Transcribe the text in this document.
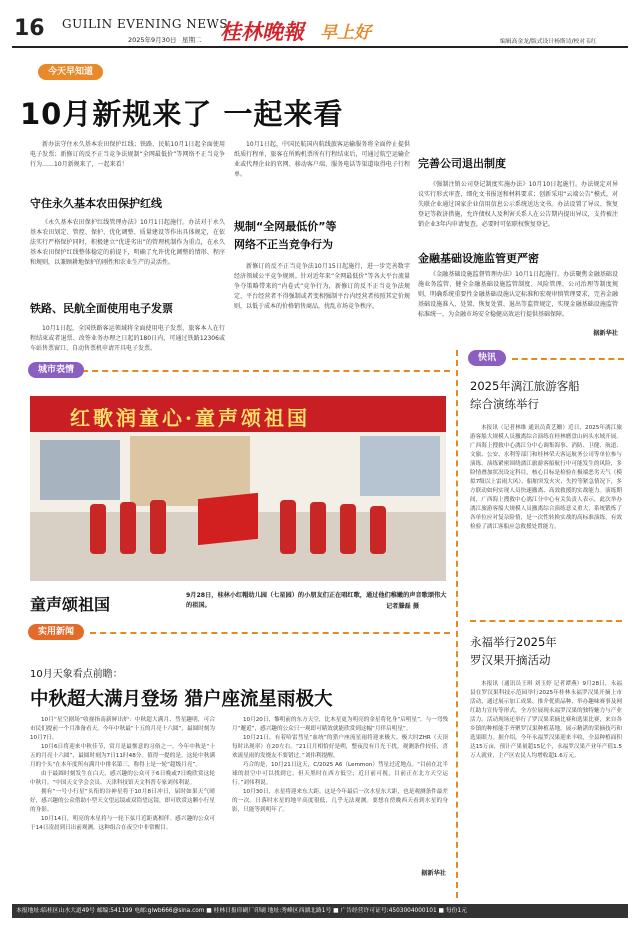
16 GUILIN EVENING NEWS
2025年9月30日 星期二 桂林晚報 早上好	编辑高金龙/版式设计杨斯诗/校对韦红
今天早知道
10月新规来了 一起来看
新办法守住永久基本农田保护红线；铁路、民航10月1日起全面使用电子发票；新修订的反不正当竞争法规制“全网最低价”等网络不正当竞争行为……10月新规来了，一起来看！
守住永久基本农田保护红线
《永久基本农田保护红线管理办法》10月1日起施行。办法对于永久基本农田划定、管控、保护、优化调整、质量建设等作出具体规定，在依法实行严格保护同时，积极建立“优进劣出”的管理机制作为重点，在永久基本农田保护红线整体稳定的前提下，明确了允许优化调整的情形、程序和规则，以兼顾耕地保护的刚性和农业生产的灵活性。
铁路、民航全面使用电子发票
10月1日起，全国铁路客运领域将全面使用电子发票，旅客本人在行程结束或者退票、改签业务办理之日起的180日内，可通过铁路12306或车站售票窗口、自动售票机申请开具电子发票。
10月1日起，中国民航国内航线旅客运输服务将全面停止提供纸质行程单，旅客在所购机票所有行程结束后，可通过航空运输企业或代理企业的官网、移动客户端、服务电话等渠道取得电子行程单。
规制“全网最低价”等
网络不正当竞争行为
新修订的反不正当竞争法10月15日起施行，进一步完善数字经济领域公平竞争规则。针对近年来“全网最低价”等各大平台流量争夺策略带来的“内卷式”竞争行为，新修订的反不正当竞争法规定，平台经营者不得强制或者变相强制平台内经营者按照其定价规则，以低于成本的价格销售商品，扰乱市场竞争秩序。
完善公司退出制度
《强制注销公司登记制度实施办法》10月10日起施行。办法规定对异议实行形式审查，细化文书报送和材料要求；创新采用“云端公告”模式，对失联企业通过国家企业信用信息公示系统送达文书。办法设置了异议、恢复登记等救济措施，允许债权人及利害关系人在公告期内提出异议，支持被注销企业3年内申请复查，必要时可依职权恢复登记。
金融基础设施监管更严密
《金融基础设施监督管理办法》10月1日起施行。办法聚焦金融基础设施业务监管，健全金融基础设施监管制度、风险管理、公司治理等制度规则，明确系统重要性金融基础设施认定标准和宏观审慎管理要求，完善金融基础设施准入、处置、恢复处置、退出等监管规定，实现金融基础设施监管标准统一，为金融市场安全稳健高效运行提供基础保障。
据新华社
城市表情
红歌润童心·童声颂祖国
童声颂祖国	9月28日，桂林小红帽幼儿园（七星园）的小朋友们正在唱红歌，通过他们稚嫩的声音歌颂伟大的祖国。	记者滕磊 摄
实用新闻
10月天象看点前瞻：
中秋超大满月登场 猎户座流星雨极大
10月“星空剧场”收视指南新鲜出炉：中秋超大满月、彗星趣明，可合市民们提前一个月准备看天。今年中秋最“十五的月亮十六圆”，最圆时刻为10月7日。
10月6日将迎来中秋佳节，赏月是最惬意的习俗之一。今年中秋是“十五的月亮十六圆”，最圆时刻为7日11时48分。值得一提的是，这轮中秋满月的个头“在本年度所有满月中排名第三，称得上是一轮“超级月亮”。
由于最圆时刻发生在白天，感兴趣的公众可于6日晚或7日晚欣赏这轮中秋月。“中国天文学会会员、天津科技馆天文科普专家刘伟利说。
拥有“一号小行星”头衔的谷神星将于10月8日冲日，届时如果天气晴好，感兴趣的公众借助小型天文望远镜或双筒望远镜，即可欣赏这颗小行星的身影。
10月14日，明亮的木星将与一轮下弦月近距离相伴。感兴趣的公众可于14日凌晨到日出前观测，这种组合在夜空中非常醒目。
10月20日，黎明前的东方天空，比木星更为明亮的金星将化身“启明星”，与一弯残月“邂逅”，感兴趣的公众只一观即可睹效就能欣赏到这幅“月伴启明星”。
10月21日，有着哈雷彗星“血统”的猎户座流星雨将迎来极大。极大时ZHR（天顶每时出现率）在20左右。“21日月相恰好是朔，整夜没有月光干扰，观测条件较佳，喜欢流星雨的发烧友不要错过。”刘伟利提醒。
巧合的是，10月21日这天，C/2025 A6（Lemmon）彗星过近地点。“目前在北半球的晨空中可以找到它，但天黑时在西方低空；近日前可视，目前正在北方天空运行。”刘伟利说。
10月30日，水星将迎来东大距。这是今年最后一次水星东大距，也是观测条件最差的一次。日落时水星的地平高度很低，几乎无法观测。要想在傍晚西天看到水星的身影，只能等到明年了。
据新华社
快讯
2025年漓江旅游客船
综合演练举行
本报讯（记者林维 通讯员黄艺姗）近日，2025年漓江旅游客船大规模人员撤离综合演练在桂林磨盘山码头水域开展。广西海上搜救中心漓江分中心调集海事、消防、卫健、航道、文旅、公安、水利等部门和桂林荣天客运航务公司等单位参与演练。演练紧密围绕漓江旅游客船航行中可能发生的风险，多险情叠加状况设定科目，核心目标是检验在极端恶劣天气（模拟7级以上雷雨大风）、船舶突发火灾、失控等紧急情况下，多方联动如何实现人员快速撤离、高效救援的实战能力。演练期间，广西海上搜救中心漓江分中心有关负责人表示，此次举办漓江旅游客船大规模人员撤离综合演练意义重大，系统锻炼了各单位应对复杂险情，是一次性转换实战的高标准演练，有效检验了漓江客船应急救援处置能力。
永福举行2025年
罗汉果开摘活动
本报讯（通讯员王琪 刘玉婷 记者谭燕）9月28日，永福县在罗汉果科技示范园举行2025年桂林永福罗汉果开摘上市活动，通过展示加工成果、推介优质品种、举办趣味赛事及网红助力宣传等形式，全方位展现永福罗汉果的独特魅力与产业活力。活动现场还举行了罗汉果采摘比赛和选果比赛，来自各乡镇的种植能手齐聚罗汉果种植基地，展示精湛的采摘技巧和选果眼力。据介绍，今年永福罗汉果迎来丰收，全县种植面积达15万亩，预计产果量超15亿个，永福罗汉果产业年产值1.5万人就业，主产区农民人均增收超1.6万元。
本报地址:临桂区山水大道49号 邮编:541199 电邮:glwb666@sina.com ■ 桂林日报印刷厂印刷 地址:秀峰区西湖北路1号 ■ 广告经营许可证号:4503004000101 ■ 每份1元
